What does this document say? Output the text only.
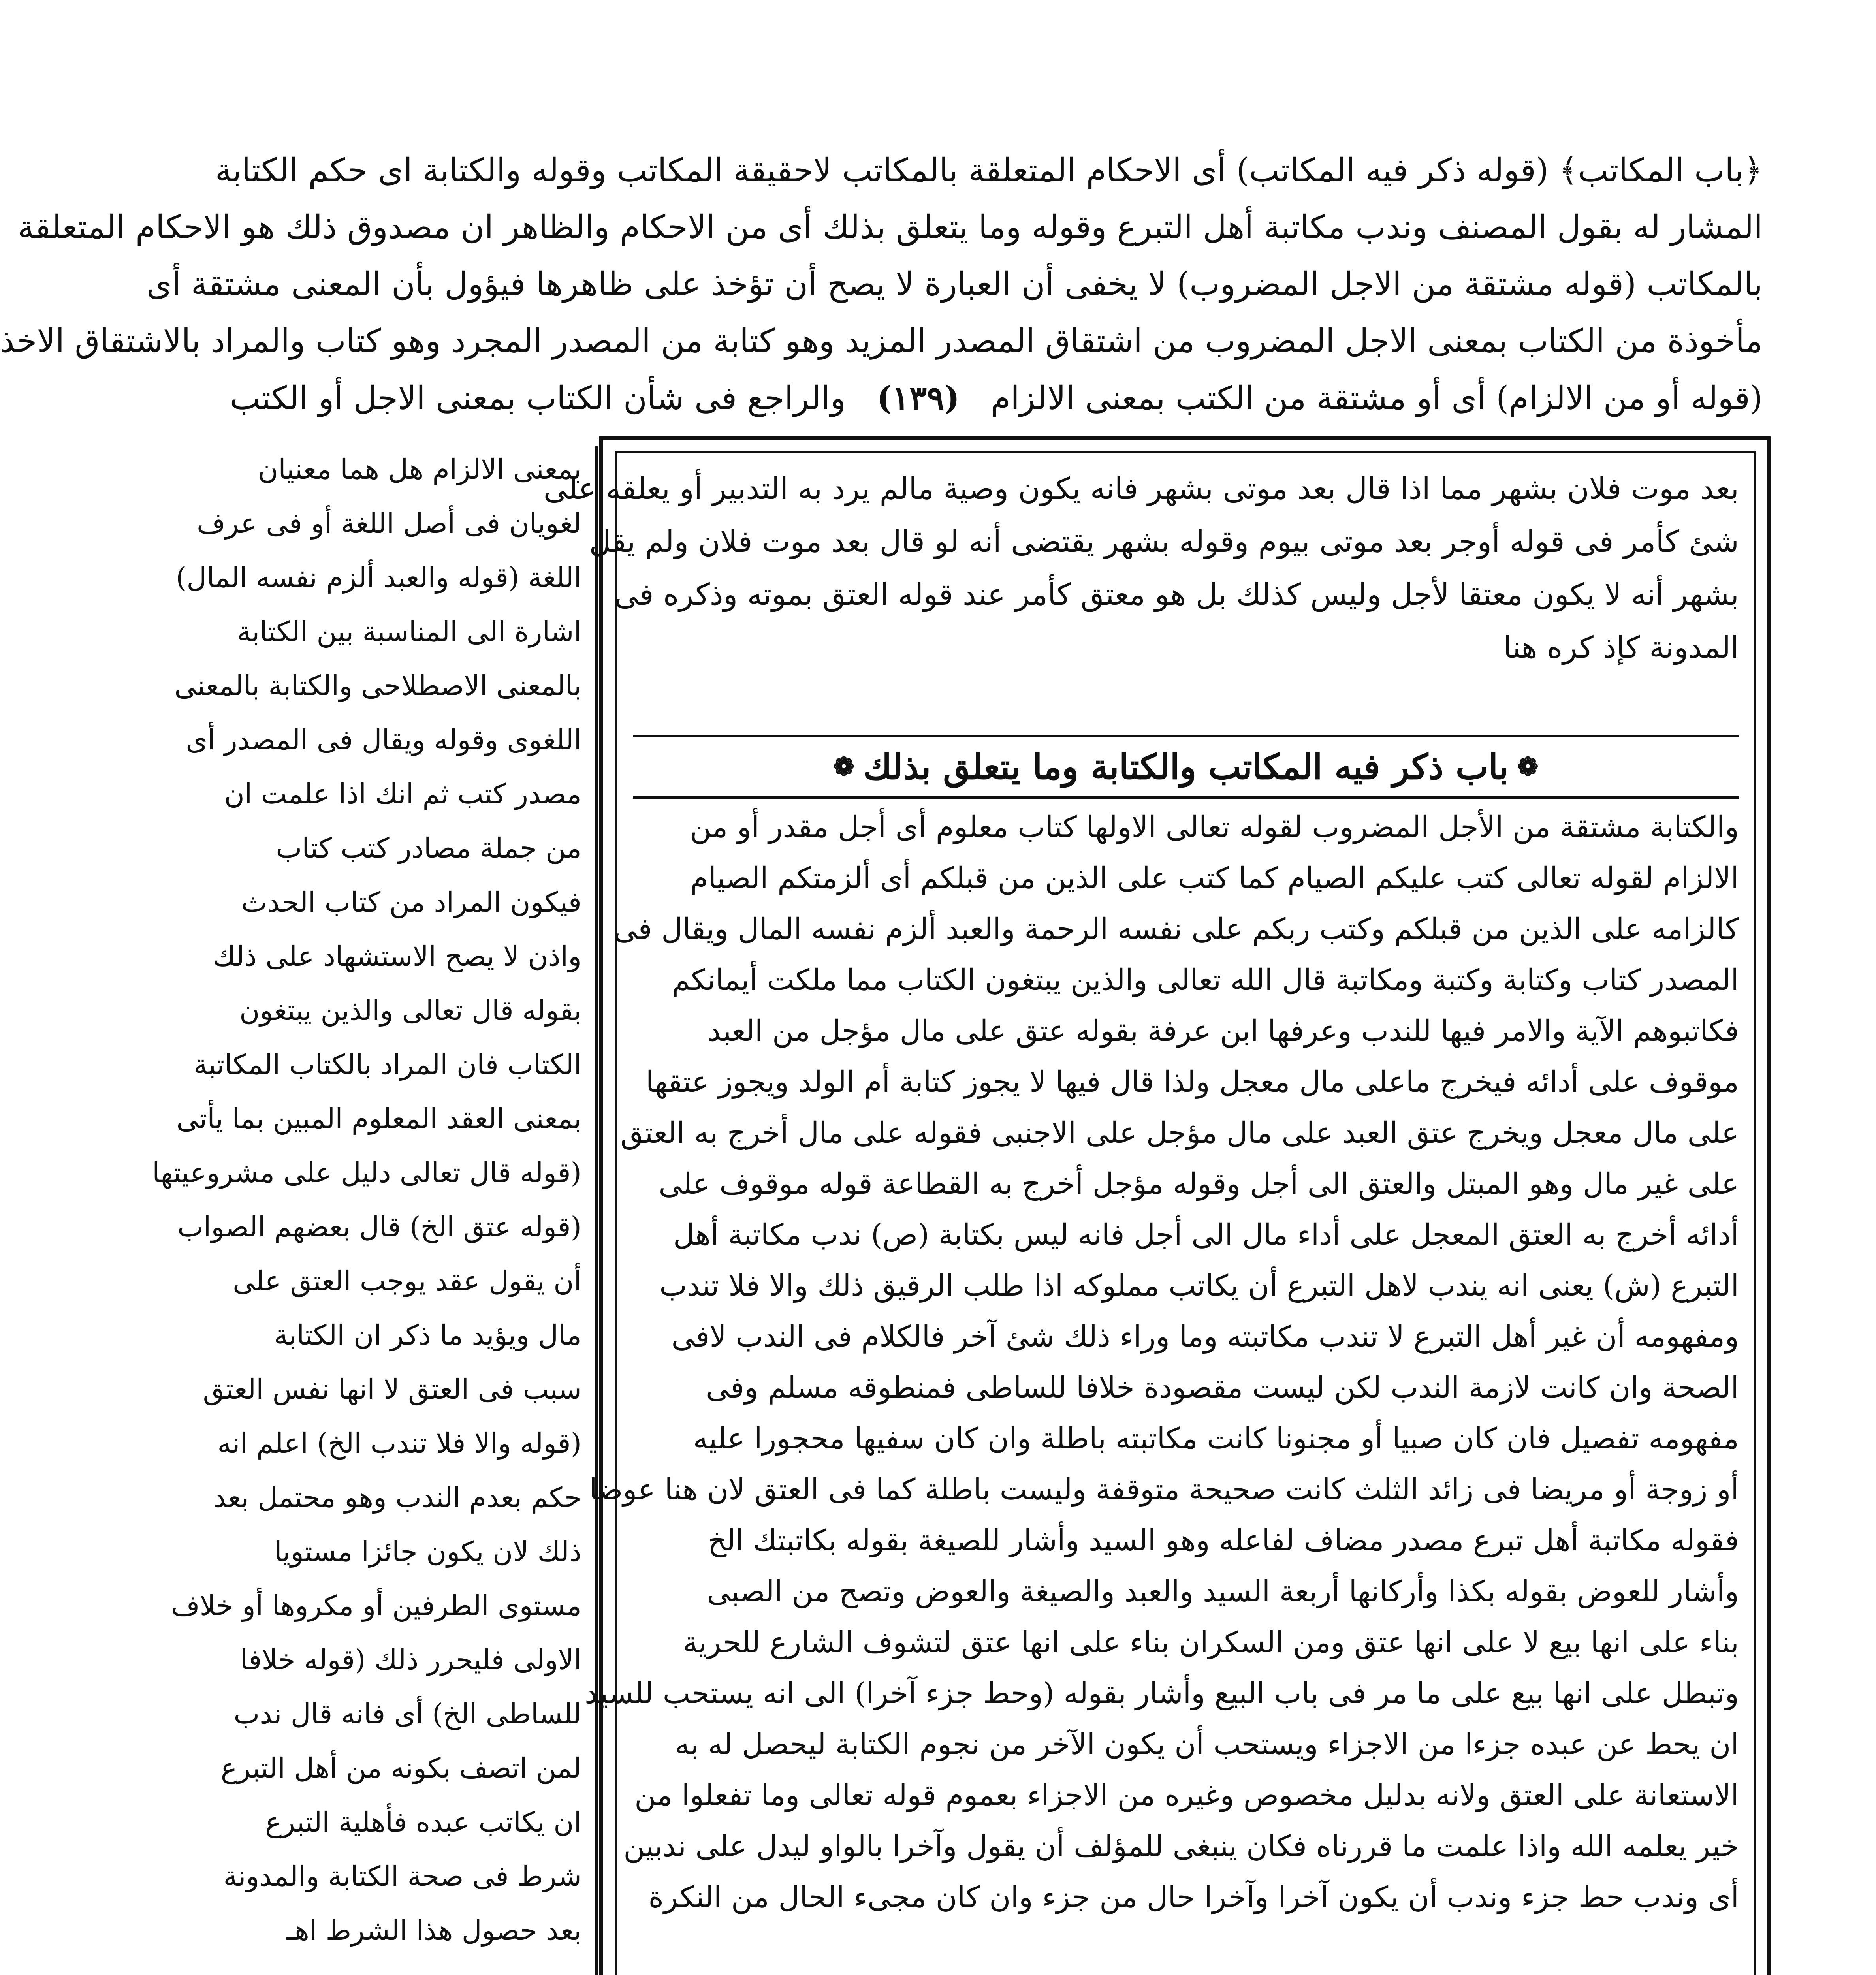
﴿باب المكاتب﴾ (قوله ذكر فيه المكاتب) أى الاحكام المتعلقة بالمكاتب لاحقيقة المكاتب وقوله والكتابة اى حكم الكتابة
المشار له بقول المصنف وندب مكاتبة أهل التبرع وقوله وما يتعلق بذلك أى من الاحكام والظاهر ان مصدوق ذلك هو الاحكام المتعلقة
بالمكاتب (قوله مشتقة من الاجل المضروب) لا يخفى أن العبارة لا يصح أن تؤخذ على ظاهرها فيؤول بأن المعنى مشتقة أى
مأخوذة من الكتاب بمعنى الاجل المضروب من اشتقاق المصدر المزيد وهو كتابة من المصدر المجرد وهو كتاب والمراد بالاشتقاق الاخذ
(قوله أو من الالزام) أى أو مشتقة من الكتب بمعنى الالزام   (١٣٩)   والراجع فى شأن الكتاب بمعنى الاجل أو الكتب
بعد موت فلان بشهر مما اذا قال بعد موتى بشهر فانه يكون وصية مالم يرد به التدبير أو يعلقه على
شئ كأمر فى قوله أوجر بعد موتى بيوم وقوله بشهر يقتضى أنه لو قال بعد موت فلان ولم يقل
بشهر أنه لا يكون معتقا لأجل وليس كذلك بل هو معتق كأمر عند قوله العتق بموته وذكره فى
المدونة كإذ كره هنا
❁
باب ذكر فيه المكاتب والكتابة وما يتعلق بذلك
❁
والكتابة مشتقة من الأجل المضروب لقوله تعالى الاولها كتاب معلوم أى أجل مقدر أو من
الالزام لقوله تعالى كتب عليكم الصيام كما كتب على الذين من قبلكم أى ألزمتكم الصيام
كالزامه على الذين من قبلكم وكتب ربكم على نفسه الرحمة والعبد ألزم نفسه المال ويقال فى
المصدر كتاب وكتابة وكتبة ومكاتبة قال الله تعالى والذين يبتغون الكتاب مما ملكت أيمانكم
فكاتبوهم الآية والامر فيها للندب وعرفها ابن عرفة بقوله عتق على مال مؤجل من العبد
موقوف على أدائه فيخرج ماعلى مال معجل ولذا قال فيها لا يجوز كتابة أم الولد ويجوز عتقها
على مال معجل ويخرج عتق العبد على مال مؤجل على الاجنبى فقوله على مال أخرج به العتق
على غير مال وهو المبتل والعتق الى أجل وقوله مؤجل أخرج به القطاعة قوله موقوف على
أدائه أخرج به العتق المعجل على أداء مال الى أجل فانه ليس بكتابة (ص) ندب مكاتبة أهل
التبرع (ش) يعنى انه يندب لاهل التبرع أن يكاتب مملوكه اذا طلب الرقيق ذلك والا فلا تندب
ومفهومه أن غير أهل التبرع لا تندب مكاتبته وما وراء ذلك شئ آخر فالكلام فى الندب لافى
الصحة وان كانت لازمة الندب لكن ليست مقصودة خلافا للساطى فمنطوقه مسلم وفى
مفهومه تفصيل فان كان صبيا أو مجنونا كانت مكاتبته باطلة وان كان سفيها محجورا عليه
أو زوجة أو مريضا فى زائد الثلث كانت صحيحة متوقفة وليست باطلة كما فى العتق لان هنا عوضا
فقوله مكاتبة أهل تبرع مصدر مضاف لفاعله وهو السيد وأشار للصيغة بقوله بكاتبتك الخ
وأشار للعوض بقوله بكذا وأركانها أربعة السيد والعبد والصيغة والعوض وتصح من الصبى
بناء على انها بيع لا على انها عتق ومن السكران بناء على انها عتق لتشوف الشارع للحرية
وتبطل على انها بيع على ما مر فى باب البيع وأشار بقوله (وحط جزء آخرا) الى انه يستحب للسيد
ان يحط عن عبده جزءا من الاجزاء ويستحب أن يكون الآخر من نجوم الكتابة ليحصل له به
الاستعانة على العتق ولانه بدليل مخصوص وغيره من الاجزاء بعموم قوله تعالى وما تفعلوا من
خير يعلمه الله واذا علمت ما قررناه فكان ينبغى للمؤلف أن يقول وآخرا بالواو ليدل على ندبين
أى وندب حط جزء وندب أن يكون آخرا وآخرا حال من جزء وان كان مجىء الحال من النكرة
بمعنى الالزام هل هما معنيان
لغويان فى أصل اللغة أو فى عرف
اللغة (قوله والعبد ألزم نفسه المال)
اشارة الى المناسبة بين الكتابة
بالمعنى الاصطلاحى والكتابة بالمعنى
اللغوى وقوله ويقال فى المصدر أى
مصدر كتب ثم انك اذا علمت ان
من جملة مصادر كتب كتاب
فيكون المراد من كتاب الحدث
واذن لا يصح الاستشهاد على ذلك
بقوله قال تعالى والذين يبتغون
الكتاب فان المراد بالكتاب المكاتبة
بمعنى العقد المعلوم المبين بما يأتى
(قوله قال تعالى دليل على مشروعيتها
(قوله عتق الخ) قال بعضهم الصواب
أن يقول عقد يوجب العتق على
مال ويؤيد ما ذكر ان الكتابة
سبب فى العتق لا انها نفس العتق
(قوله والا فلا تندب الخ) اعلم انه
حكم بعدم الندب وهو محتمل بعد
ذلك لان يكون جائزا مستويا
مستوى الطرفين أو مكروها أو خلاف
الاولى فليحرر ذلك (قوله خلافا
للساطى الخ) أى فانه قال ندب
لمن اتصف بكونه من أهل التبرع
ان يكاتب عبده فأهلية التبرع
شرط فى صحة الكتابة والمدونة
بعد حصول هذا الشرط اهـ
